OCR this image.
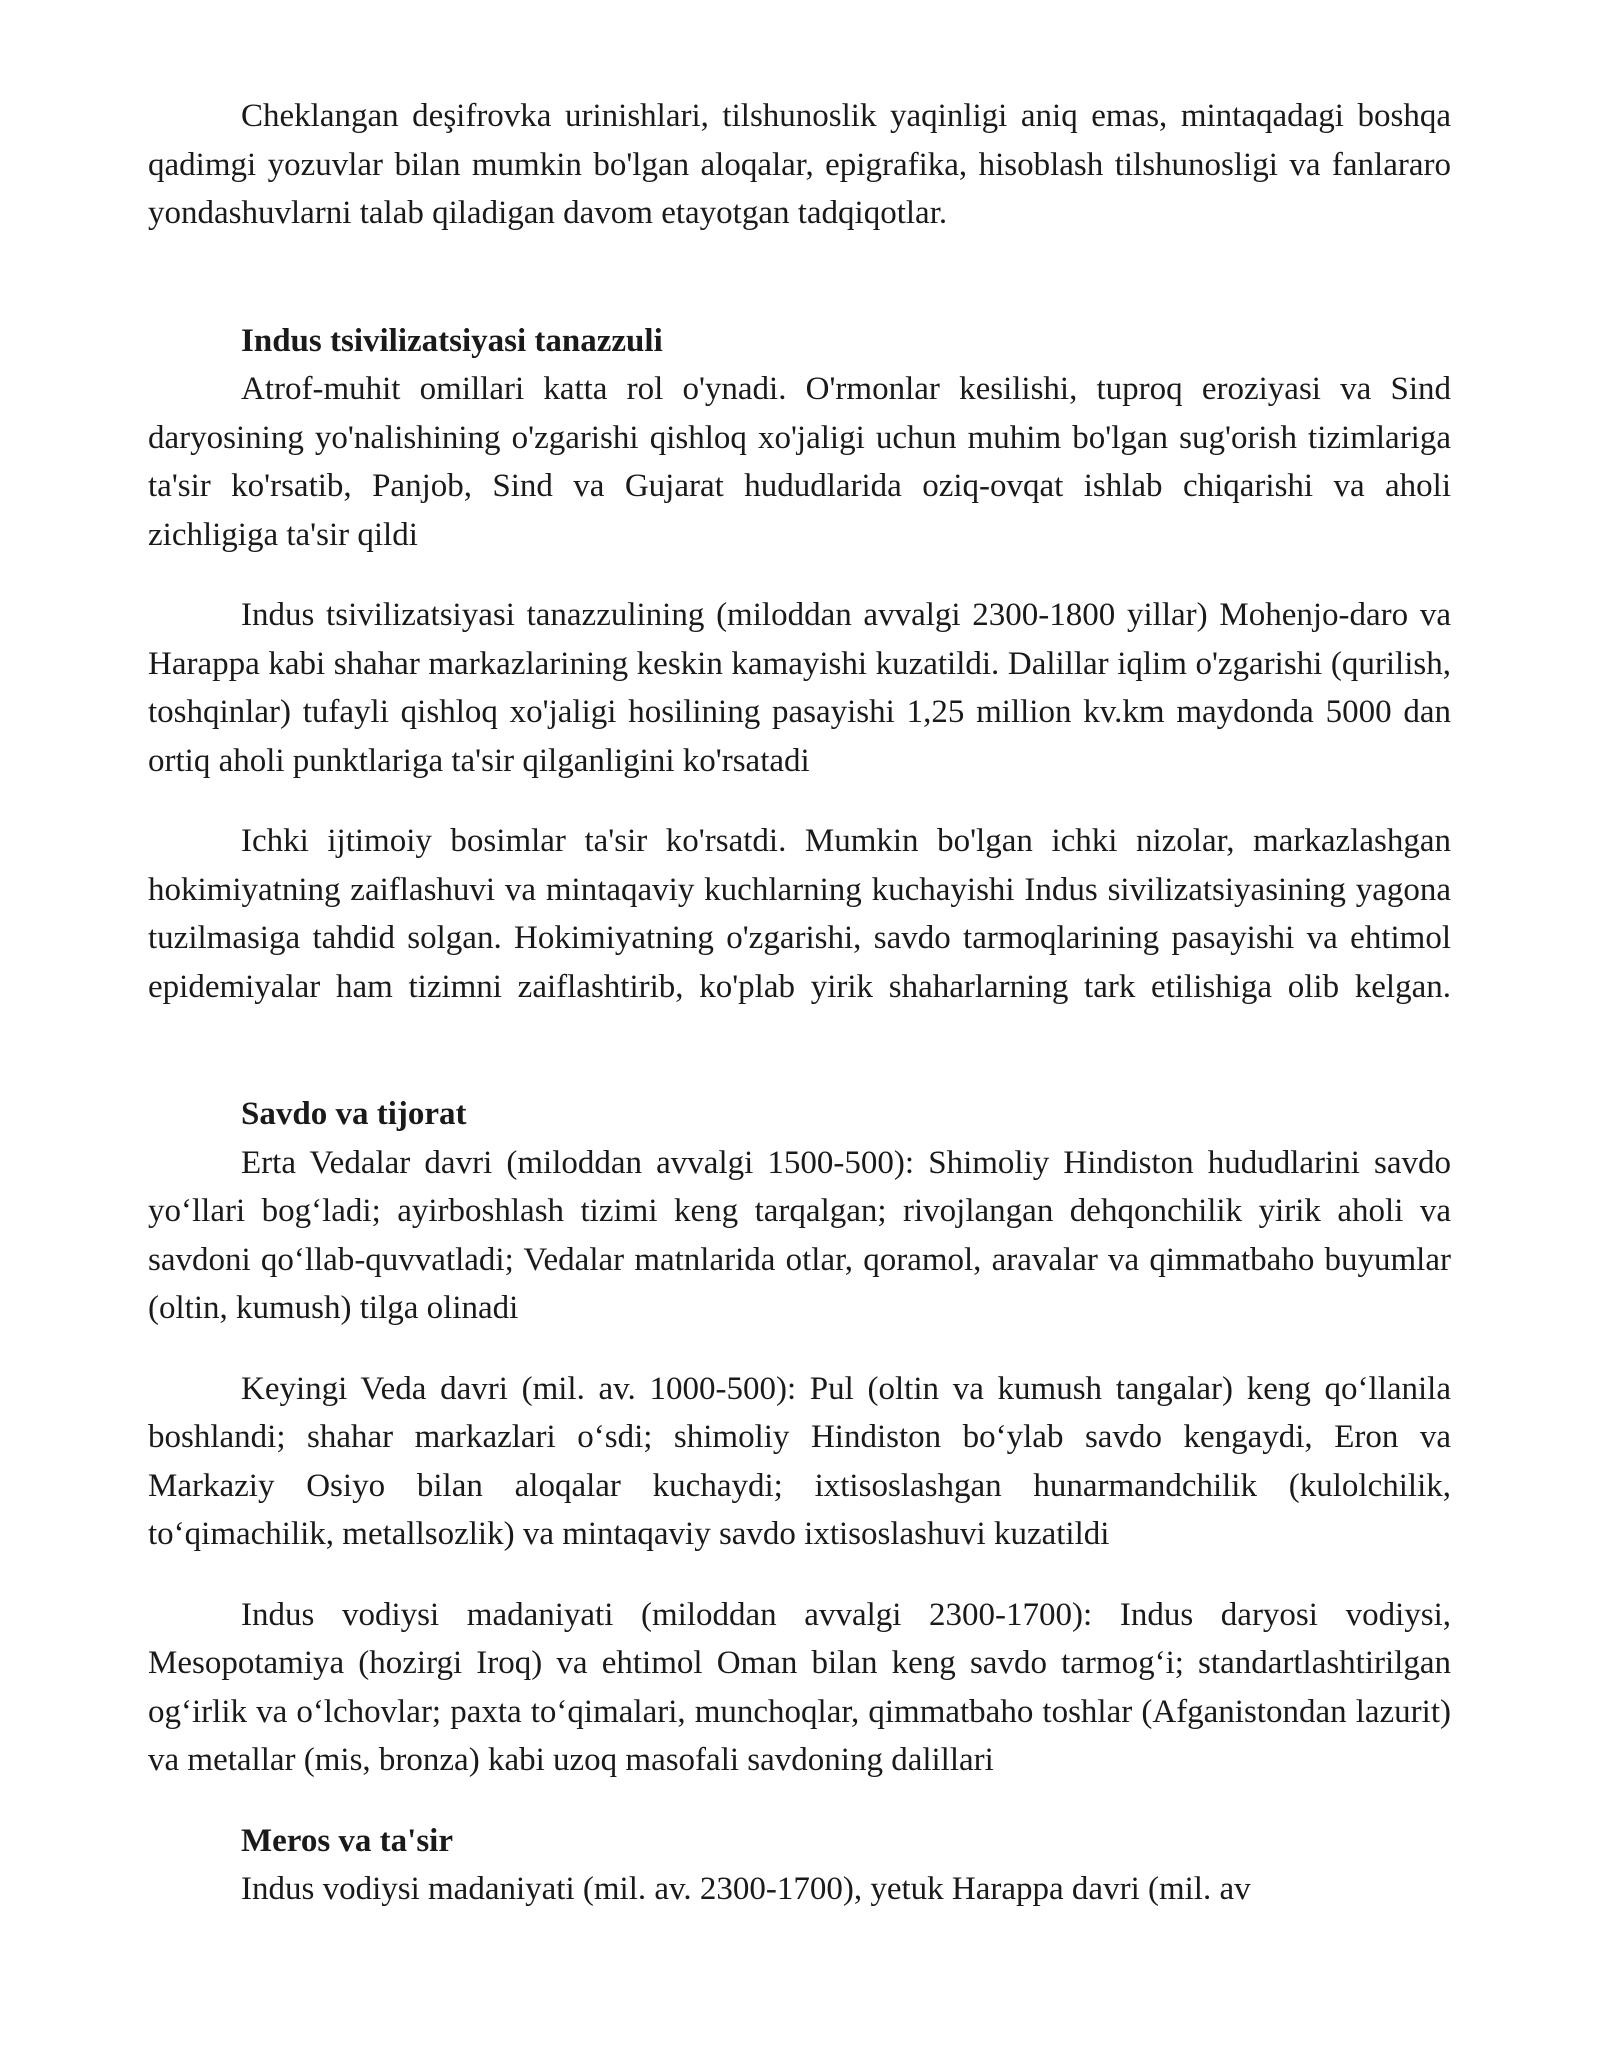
Cheklangan deşifrovka urinishlari, tilshunoslik yaqinligi aniq emas, mintaqadagi boshqa qadimgi yozuvlar bilan mumkin bo'lgan aloqalar, epigrafika, hisoblash tilshunosligi va fanlararo yondashuvlarni talab qiladigan davom etayotgan tadqiqotlar.

Indus tsivilizatsiyasi tanazzuli

Atrof-muhit omillari katta rol o'ynadi. O'rmonlar kesilishi, tuproq eroziyasi va Sind daryosining yo'nalishining o'zgarishi qishloq xo'jaligi uchun muhim bo'lgan sug'orish tizimlariga ta'sir ko'rsatib, Panjob, Sind va Gujarat hududlarida oziq-ovqat ishlab chiqarishi va aholi zichligiga ta'sir qildi

Indus tsivilizatsiyasi tanazzulining (miloddan avvalgi 2300-1800 yillar) Mohenjo-daro va Harappa kabi shahar markazlarining keskin kamayishi kuzatildi. Dalillar iqlim o'zgarishi (qurilish, toshqinlar) tufayli qishloq xo'jaligi hosilining pasayishi 1,25 million kv.km maydonda 5000 dan ortiq aholi punktlariga ta'sir qilganligini ko'rsatadi

Ichki ijtimoiy bosimlar ta'sir ko'rsatdi. Mumkin bo'lgan ichki nizolar, markazlashgan hokimiyatning zaiflashuvi va mintaqaviy kuchlarning kuchayishi Indus sivilizatsiyasining yagona tuzilmasiga tahdid solgan. Hokimiyatning o'zgarishi, savdo tarmoqlarining pasayishi va ehtimol epidemiyalar ham tizimni zaiflashtirib, ko'plab yirik shaharlarning tark etilishiga olib kelgan.

Savdo va tijorat

Erta Vedalar davri (miloddan avvalgi 1500-500): Shimoliy Hindiston hududlarini savdo yoʻllari bogʻladi; ayirboshlash tizimi keng tarqalgan; rivojlangan dehqonchilik yirik aholi va savdoni qoʻllab-quvvatladi; Vedalar matnlarida otlar, qoramol, aravalar va qimmatbaho buyumlar (oltin, kumush) tilga olinadi

Keyingi Veda davri (mil. av. 1000-500): Pul (oltin va kumush tangalar) keng qoʻllanila boshlandi; shahar markazlari oʻsdi; shimoliy Hindiston boʻylab savdo kengaydi, Eron va Markaziy Osiyo bilan aloqalar kuchaydi; ixtisoslashgan hunarmandchilik (kulolchilik, toʻqimachilik, metallsozlik) va mintaqaviy savdo ixtisoslashuvi kuzatildi

Indus vodiysi madaniyati (miloddan avvalgi 2300-1700): Indus daryosi vodiysi, Mesopotamiya (hozirgi Iroq) va ehtimol Oman bilan keng savdo tarmogʻi; standartlashtirilgan ogʻirlik va oʻlchovlar; paxta toʻqimalari, munchoqlar, qimmatbaho toshlar (Afganistondan lazurit) va metallar (mis, bronza) kabi uzoq masofali savdoning dalillari

Meros va ta'sir

Indus vodiysi madaniyati (mil. av. 2300-1700), yetuk Harappa davri (mil. av
